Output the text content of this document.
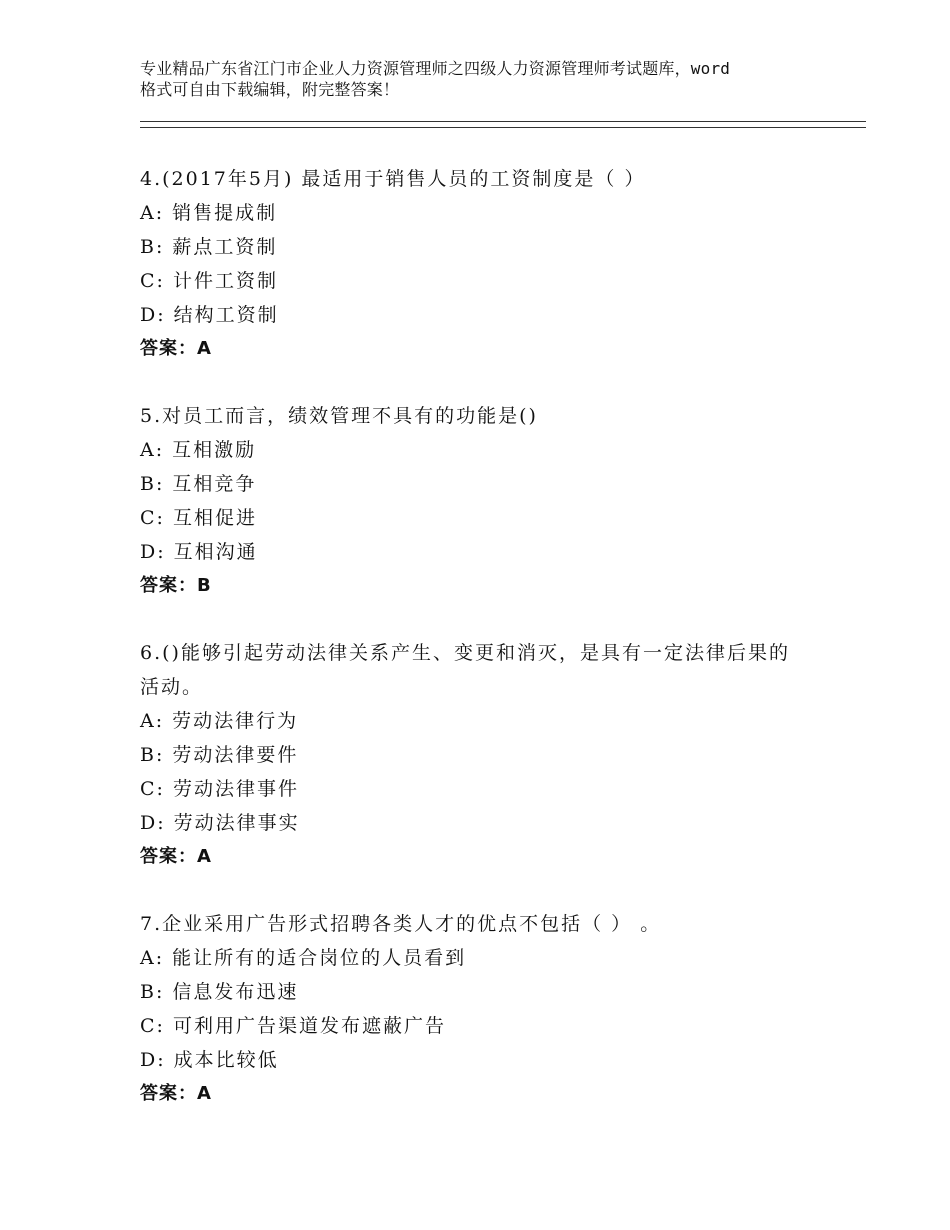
专业精品广东省江门市企业人力资源管理师之四级人力资源管理师考试题库，word
格式可自由下载编辑，附完整答案！
4.(2017年5月) 最适用于销售人员的工资制度是（ ）
A: 销售提成制
B: 薪点工资制
C: 计件工资制
D: 结构工资制
答案：A
5.对员工而言，绩效管理不具有的功能是()
A: 互相激励
B: 互相竞争
C: 互相促进
D: 互相沟通
答案：B
6.()能够引起劳动法律关系产生、变更和消灭，是具有一定法律后果的活动。
A: 劳动法律行为
B: 劳动法律要件
C: 劳动法律事件
D: 劳动法律事实
答案：A
7.企业采用广告形式招聘各类人才的优点不包括（ ） 。
A: 能让所有的适合岗位的人员看到
B: 信息发布迅速
C: 可利用广告渠道发布遮蔽广告
D: 成本比较低
答案：A
